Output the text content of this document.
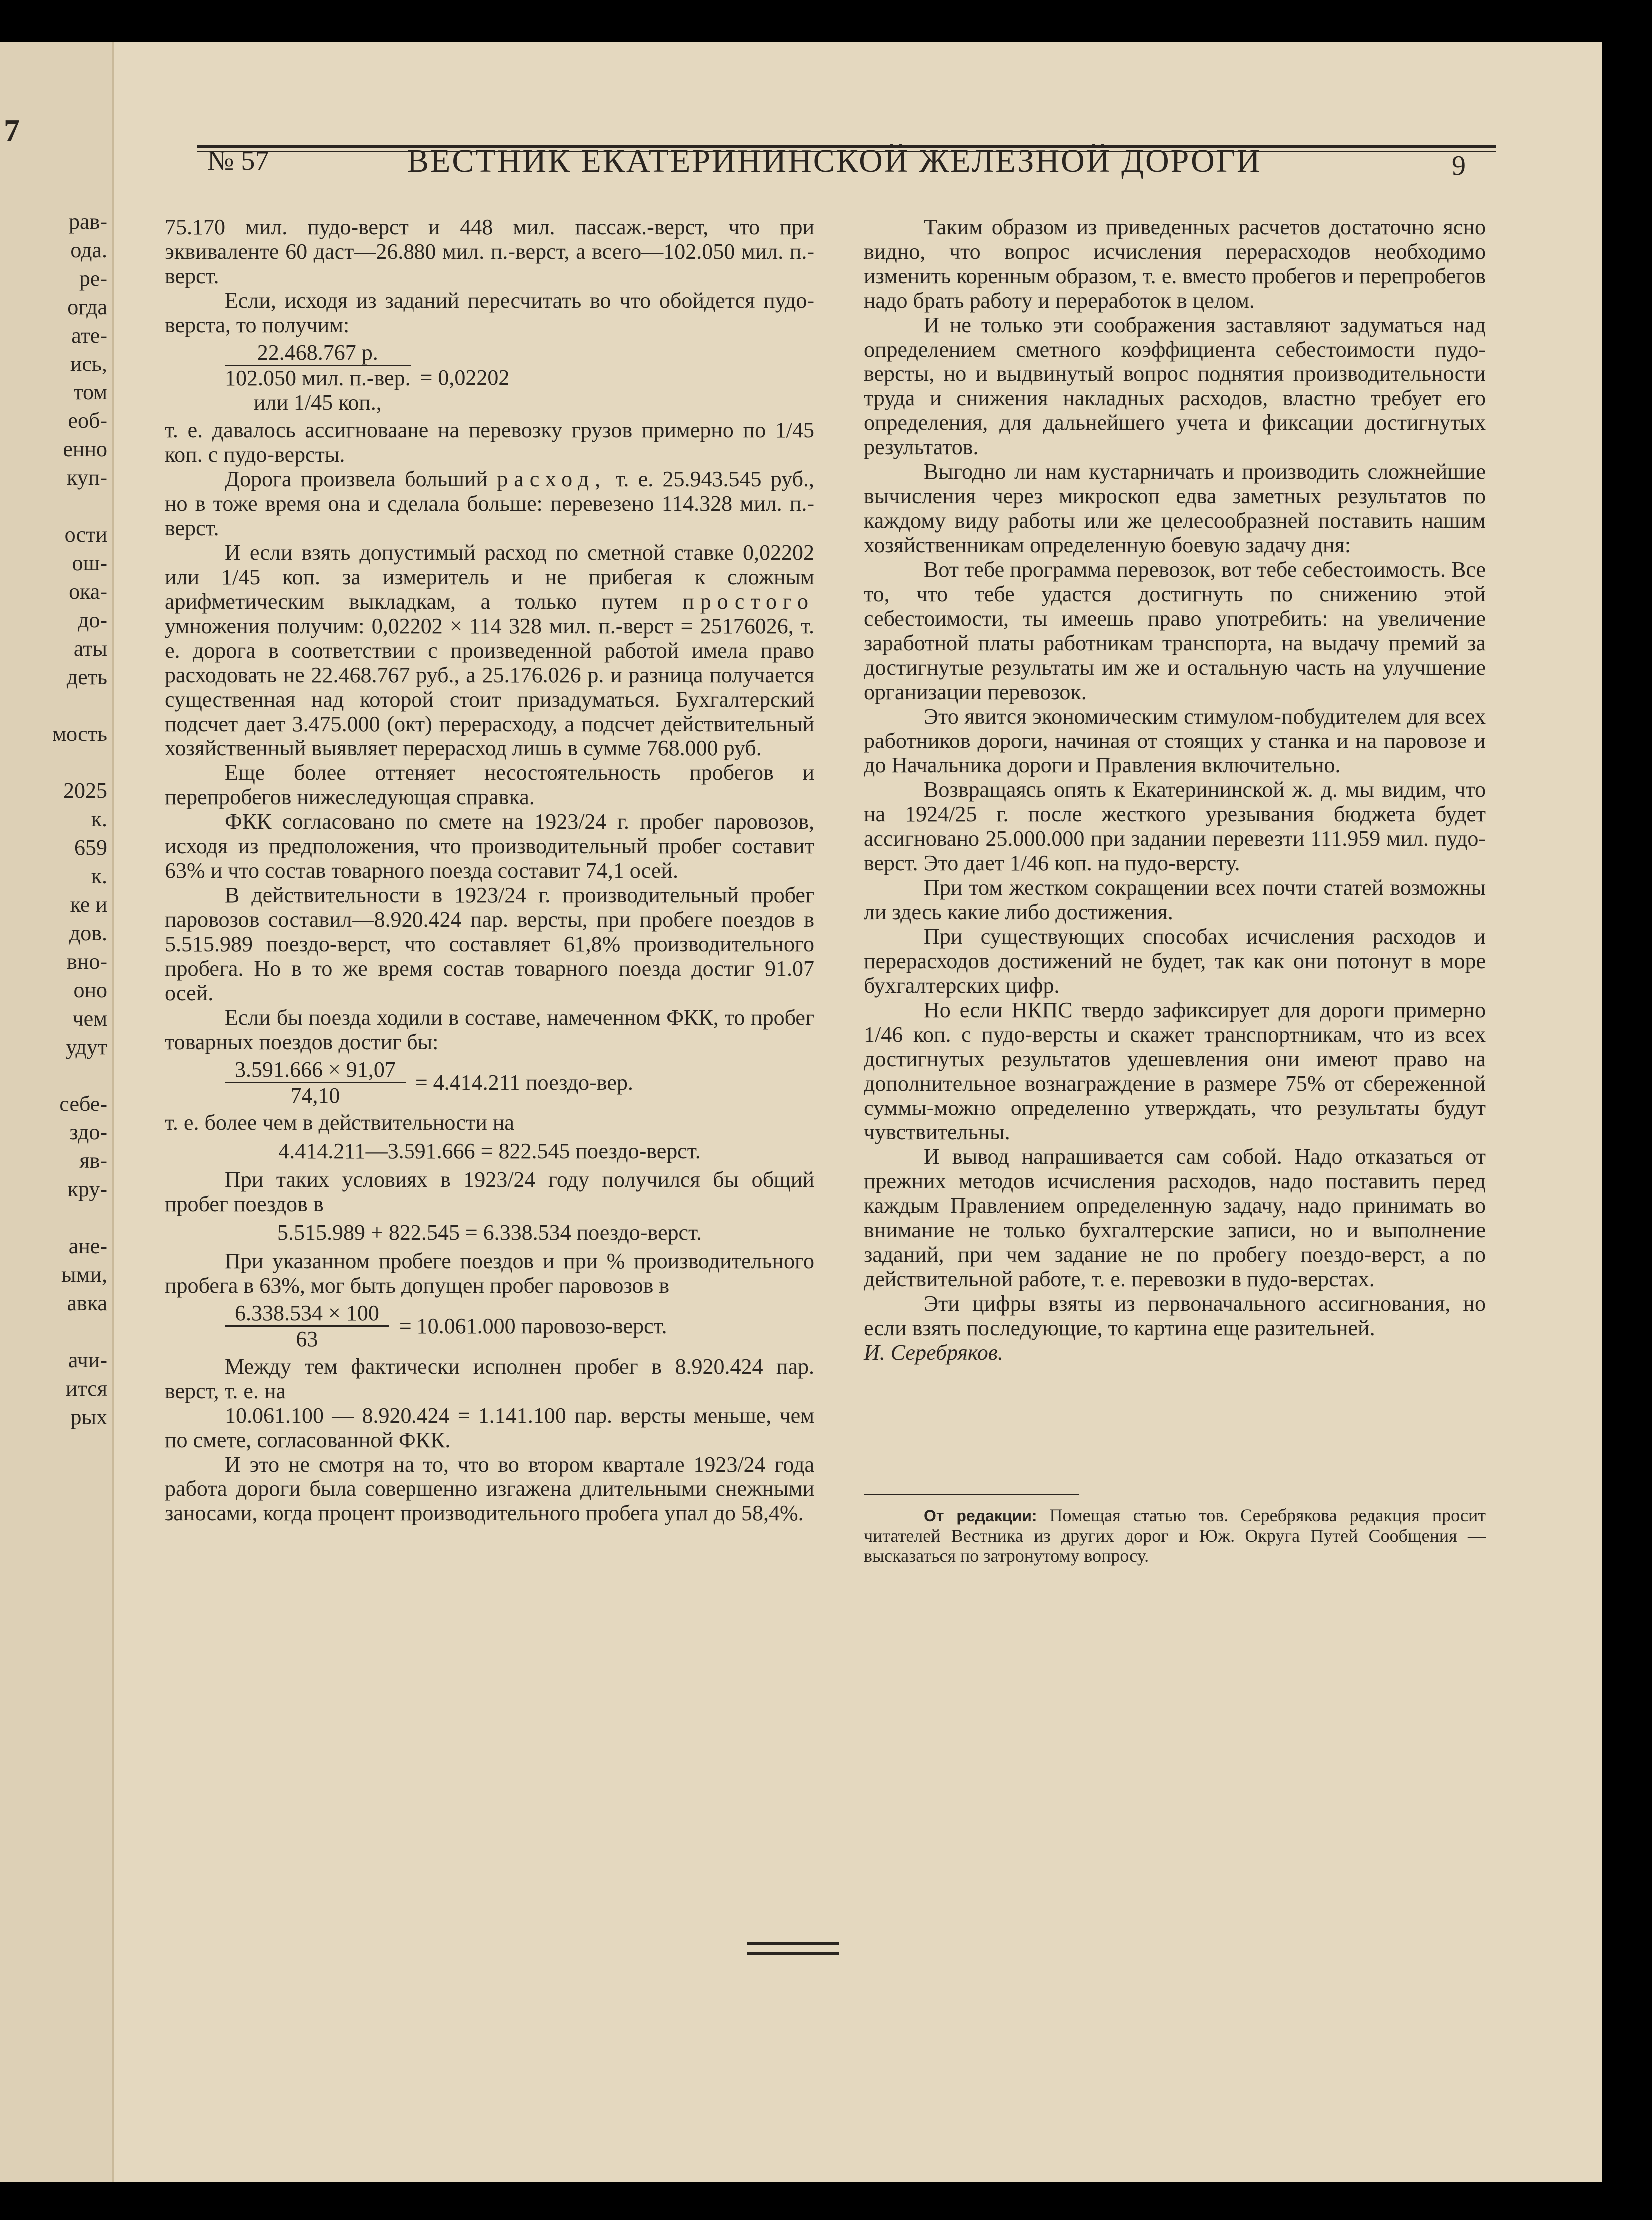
7
рав-
ода.
ре-
огда
ате-
ись,
том
еоб-
енно
куп-
ости
ош-
ока-
до-
аты
деть
мость
2025
к.
659
к.
ке и
дов.
вно-
оно
чем
удут
себе-
здо-
яв-
кру-
ане-
ыми,
авка
ачи-
ится
рых
№ 57	ВЕСТНИК ЕКАТЕРИНИНСКОЙ ЖЕЛЕЗНОЙ ДОРОГИ	9

75.170 мил. пудо-верст и 448 мил. пассаж.-верст, что при эквиваленте 60 даст—26.880 мил. п.-верст, а всего—102.050 мил. п.-верст.

Если, исходя из заданий пересчитать во что обойдется пудо-верста, то получим:

22.468.767 р.
102.050 мил. п.-вер.
или 1/45 коп.,
= 0,02202

т. е. давалось ассигноваане на перевозку грузов примерно по 1/45 коп. с пудо-версты.

Дорога произвела больший расход, т. е. 25.943.545 руб., но в тоже время она и сделала больше: перевезено 114.328 мил. п.-верст.

И если взять допустимый расход по сметной ставке 0,02202 или 1/45 коп. за измеритель и не прибегая к сложным арифметическим выкладкам, а только путем простого умножения получим: 0,02202 × 114 328 мил. п.-верст = 25176026, т. е. дорога в соответствии с произведенной работой имела право расходовать не 22.468.767 руб., а 25.176.026 р. и разница получается существенная над которой стоит призадуматься. Бухгалтерский подсчет дает 3.475.000 (окт) перерасходу, а подсчет действительный хозяйственный выявляет перерасход лишь в сумме 768.000 руб.

Еще более оттеняет несостоятельность пробегов и перепробегов нижеследующая справка.

ФКК согласовано по смете на 1923/24 г. пробег паровозов, исходя из предположения, что производительный пробег составит 63% и что состав товарного поезда составит 74,1 осей.

В действительности в 1923/24 г. производительный пробег паровозов составил—8.920.424 пар. версты, при пробеге поездов в 5.515.989 поездо-верст, что составляет 61,8% производительного пробега. Но в то же время состав товарного поезда достиг 91.07 осей.

Если бы поезда ходили в составе, намеченном ФКК, то пробег товарных поездов достиг бы:

$\frac{3.591.666 \times 91,07}{74,10} = 4.414.211$ поездо-вер.

т. е. более чем в действительности на

4.414.211—3.591.666 = 822.545 поездо-верст.

При таких условиях в 1923/24 году получился бы общий пробег поездов в

5.515.989 + 822.545 = 6.338.534 поездо-верст.

При указанном пробеге поездов и при % производительного пробега в 63%, мог быть допущен пробег паровозов в

$\frac{6.338.534 \times 100}{63} = 10.061.000$ паровозо-верст.

Между тем фактически исполнен пробег в 8.920.424 пар. верст, т. е. на

10.061.100 — 8.920.424 = 1.141.100 пар. версты меньше, чем по смете, согласованной ФКК.

И это не смотря на то, что во втором квартале 1923/24 года работа дороги была совершенно изгажена длительными снежными заносами, когда процент производительного пробега упал до 58,4%.

Таким образом из приведенных расчетов достаточно ясно видно, что вопрос исчисления перерасходов необходимо изменить коренным образом, т. е. вместо пробегов и перепробегов надо брать работу и переработок в целом.

И не только эти соображения заставляют задуматься над определением сметного коэффициента себестоимости пудо-версты, но и выдвинутый вопрос поднятия производительности труда и снижения накладных расходов, властно требует его определения, для дальнейшего учета и фиксации достигнутых результатов.

Выгодно ли нам кустарничать и производить сложнейшие вычисления через микроскоп едва заметных результатов по каждому виду работы или же целесообразней поставить нашим хозяйственникам определенную боевую задачу дня:

Вот тебе программа перевозок, вот тебе себестоимость. Все то, что тебе удастся достигнуть по снижению этой себестоимости, ты имеешь право употребить: на увеличение заработной платы работникам транспорта, на выдачу премий за достигнутые результаты им же и остальную часть на улучшение организации перевозок.

Это явится экономическим стимулом-побудителем для всех работников дороги, начиная от стоящих у станка и на паровозе и до Начальника дороги и Правления включительно.

Возвращаясь опять к Екатерининской ж. д. мы видим, что на 1924/25 г. после жесткого урезывания бюджета будет ассигновано 25.000.000 при задании перевезти 111.959 мил. пудо-верст. Это дает 1/46 коп. на пудо-версту.

При том жестком сокращении всех почти статей возможны ли здесь какие либо достижения.

При существующих способах исчисления расходов и перерасходов достижений не будет, так как они потонут в море бухгалтерских цифр.

Но если НКПС твердо зафиксирует для дороги примерно 1/46 коп. с пудо-версты и скажет транспортникам, что из всех достигнутых результатов удешевления они имеют право на дополнительное вознаграждение в размере 75% от сбереженной суммы-можно определенно утверждать, что результаты будут чувствительны.

И вывод напрашивается сам собой. Надо отказаться от прежних методов исчисления расходов, надо поставить перед каждым Правлением определенную задачу, надо принимать во внимание не только бухгалтерские записи, но и выполнение заданий, при чем задание не по пробегу поездо-верст, а по действительной работе, т. е. перевозки в пудо-верстах.

Эти цифры взяты из первоначального ассигнования, но если взять последующие, то картина еще разительней.

И. Серебряков.

От редакции: Помещая статью тов. Серебрякова редакция просит читателей Вестника из других дорог и Юж. Округа Путей Сообщения — высказаться по затронутому вопросу.
